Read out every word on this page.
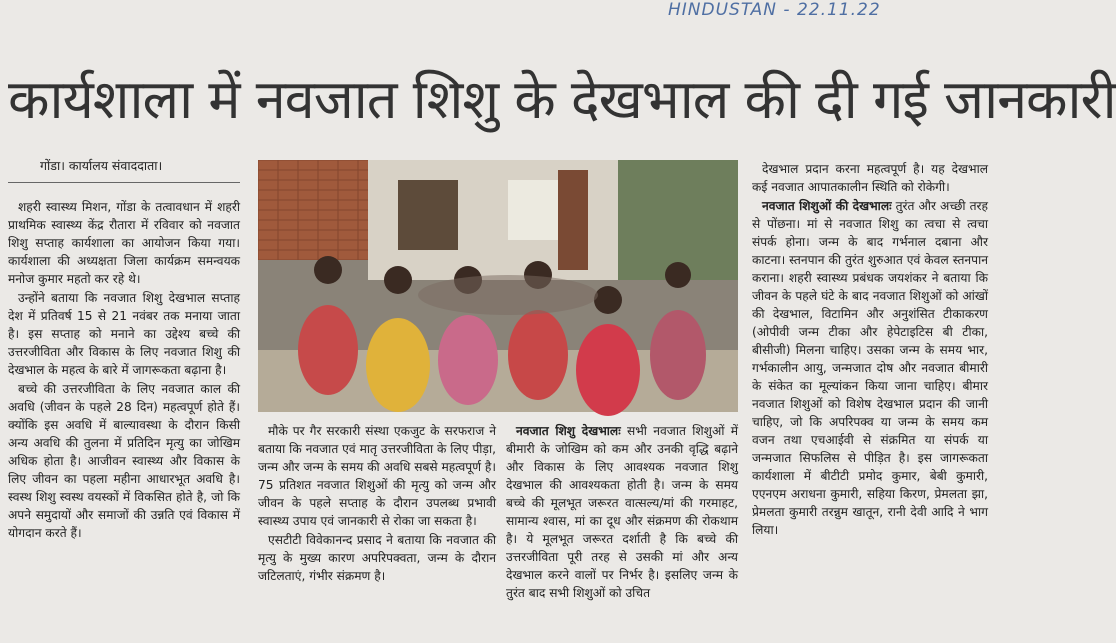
HINDUSTAN - 22.11.22
कार्यशाला में नवजात शिशु के देखभाल की दी गई जानकारी
गोंडा। कार्यालय संवाददाता।

शहरी स्वास्थ्य मिशन, गोंडा के तत्वावधान में शहरी प्राथमिक स्वास्थ्य केंद्र रौतारा में रविवार को नवजात शिशु सप्ताह कार्यशाला का आयोजन किया गया। कार्यशाला की अध्यक्षता जिला कार्यक्रम समन्वयक मनोज कुमार महतो कर रहे थे।

उन्होंने बताया कि नवजात शिशु देखभाल सप्ताह देश में प्रतिवर्ष 15 से 21 नवंबर तक मनाया जाता है। इस सप्ताह को मनाने का उद्देश्य बच्चे की उत्तरजीविता और विकास के लिए नवजात शिशु की देखभाल के महत्व के बारे में जागरूकता बढ़ाना है।

बच्चे की उत्तरजीविता के लिए नवजात काल की अवधि (जीवन के पहले 28 दिन) महत्वपूर्ण होते हैं। क्योंकि इस अवधि में बाल्यावस्था के दौरान किसी अन्य अवधि की तुलना में प्रतिदिन मृत्यु का जोखिम अधिक होता है। आजीवन स्वास्थ्य और विकास के लिए जीवन का पहला महीना आधारभूत अवधि है। स्वस्थ शिशु स्वस्थ वयस्कों में विकसित होते है, जो कि अपने समुदायों और समाजों की उन्नति एवं विकास में योगदान करते हैं।

मौके पर गैर सरकारी संस्था एकजुट के सरफराज ने बताया कि नवजात एवं मातृ उत्तरजीविता के लिए पीड़ा, जन्म और जन्म के समय की अवधि सबसे महत्वपूर्ण है। 75 प्रतिशत नवजात शिशुओं की मृत्यु को जन्म और जीवन के पहले सप्ताह के दौरान उपलब्ध प्रभावी स्वास्थ्य उपाय एवं जानकारी से रोका जा सकता है।

एसटीटी विवेकानन्द प्रसाद ने बताया कि नवजात की मृत्यु के मुख्य कारण अपरिपक्वता, जन्म के दौरान जटिलताएं, गंभीर संक्रमण है।

नवजात शिशु देखभालः सभी नवजात शिशुओं में बीमारी के जोखिम को कम और उनकी वृद्धि बढ़ाने और विकास के लिए आवश्यक नवजात शिशु देखभाल की आवश्यकता होती है। जन्म के समय बच्चे की मूलभूत जरूरत वात्सल्य/मां की गरमाहट, सामान्य श्वास, मां का दूध और संक्रमण की रोकथाम है। ये मूलभूत जरूरत दर्शाती है कि बच्चे की उत्तरजीविता पूरी तरह से उसकी मां और अन्य देखभाल करने वालों पर निर्भर है। इसलिए जन्म के तुरंत बाद सभी शिशुओं को उचित

देखभाल प्रदान करना महत्वपूर्ण है। यह देखभाल कई नवजात आपातकालीन स्थिति को रोकेगी।

नवजात शिशुओं की देखभालः तुरंत और अच्छी तरह से पोंछना। मां से नवजात शिशु का त्वचा से त्वचा संपर्क होना। जन्म के बाद गर्भनाल दबाना और काटना। स्तनपान की तुरंत शुरुआत एवं केवल स्तनपान कराना। शहरी स्वास्थ्य प्रबंधक जयशंकर ने बताया कि जीवन के पहले घंटे के बाद नवजात शिशुओं को आंखों की देखभाल, विटामिन और अनुशंसित टीकाकरण (ओपीवी जन्म टीका और हेपेटाइटिस बी टीका, बीसीजी) मिलना चाहिए। उसका जन्म के समय भार, गर्भकालीन आयु, जन्मजात दोष और नवजात बीमारी के संकेत का मूल्यांकन किया जाना चाहिए। बीमार नवजात शिशुओं को विशेष देखभाल प्रदान की जानी चाहिए, जो कि अपरिपक्व या जन्म के समय कम वजन तथा एचआईवी से संक्रमित या संपर्क या जन्मजात सिफलिस से पीड़ित है। इस जागरूकता कार्यशाला में बीटीटी प्रमोद कुमार, बेबी कुमारी, एएनएम अराधना कुमारी, सहिया किरण, प्रेमलता झा, प्रेमलता कुमारी तरन्नुम खातून, रानी देवी आदि ने भाग लिया।
